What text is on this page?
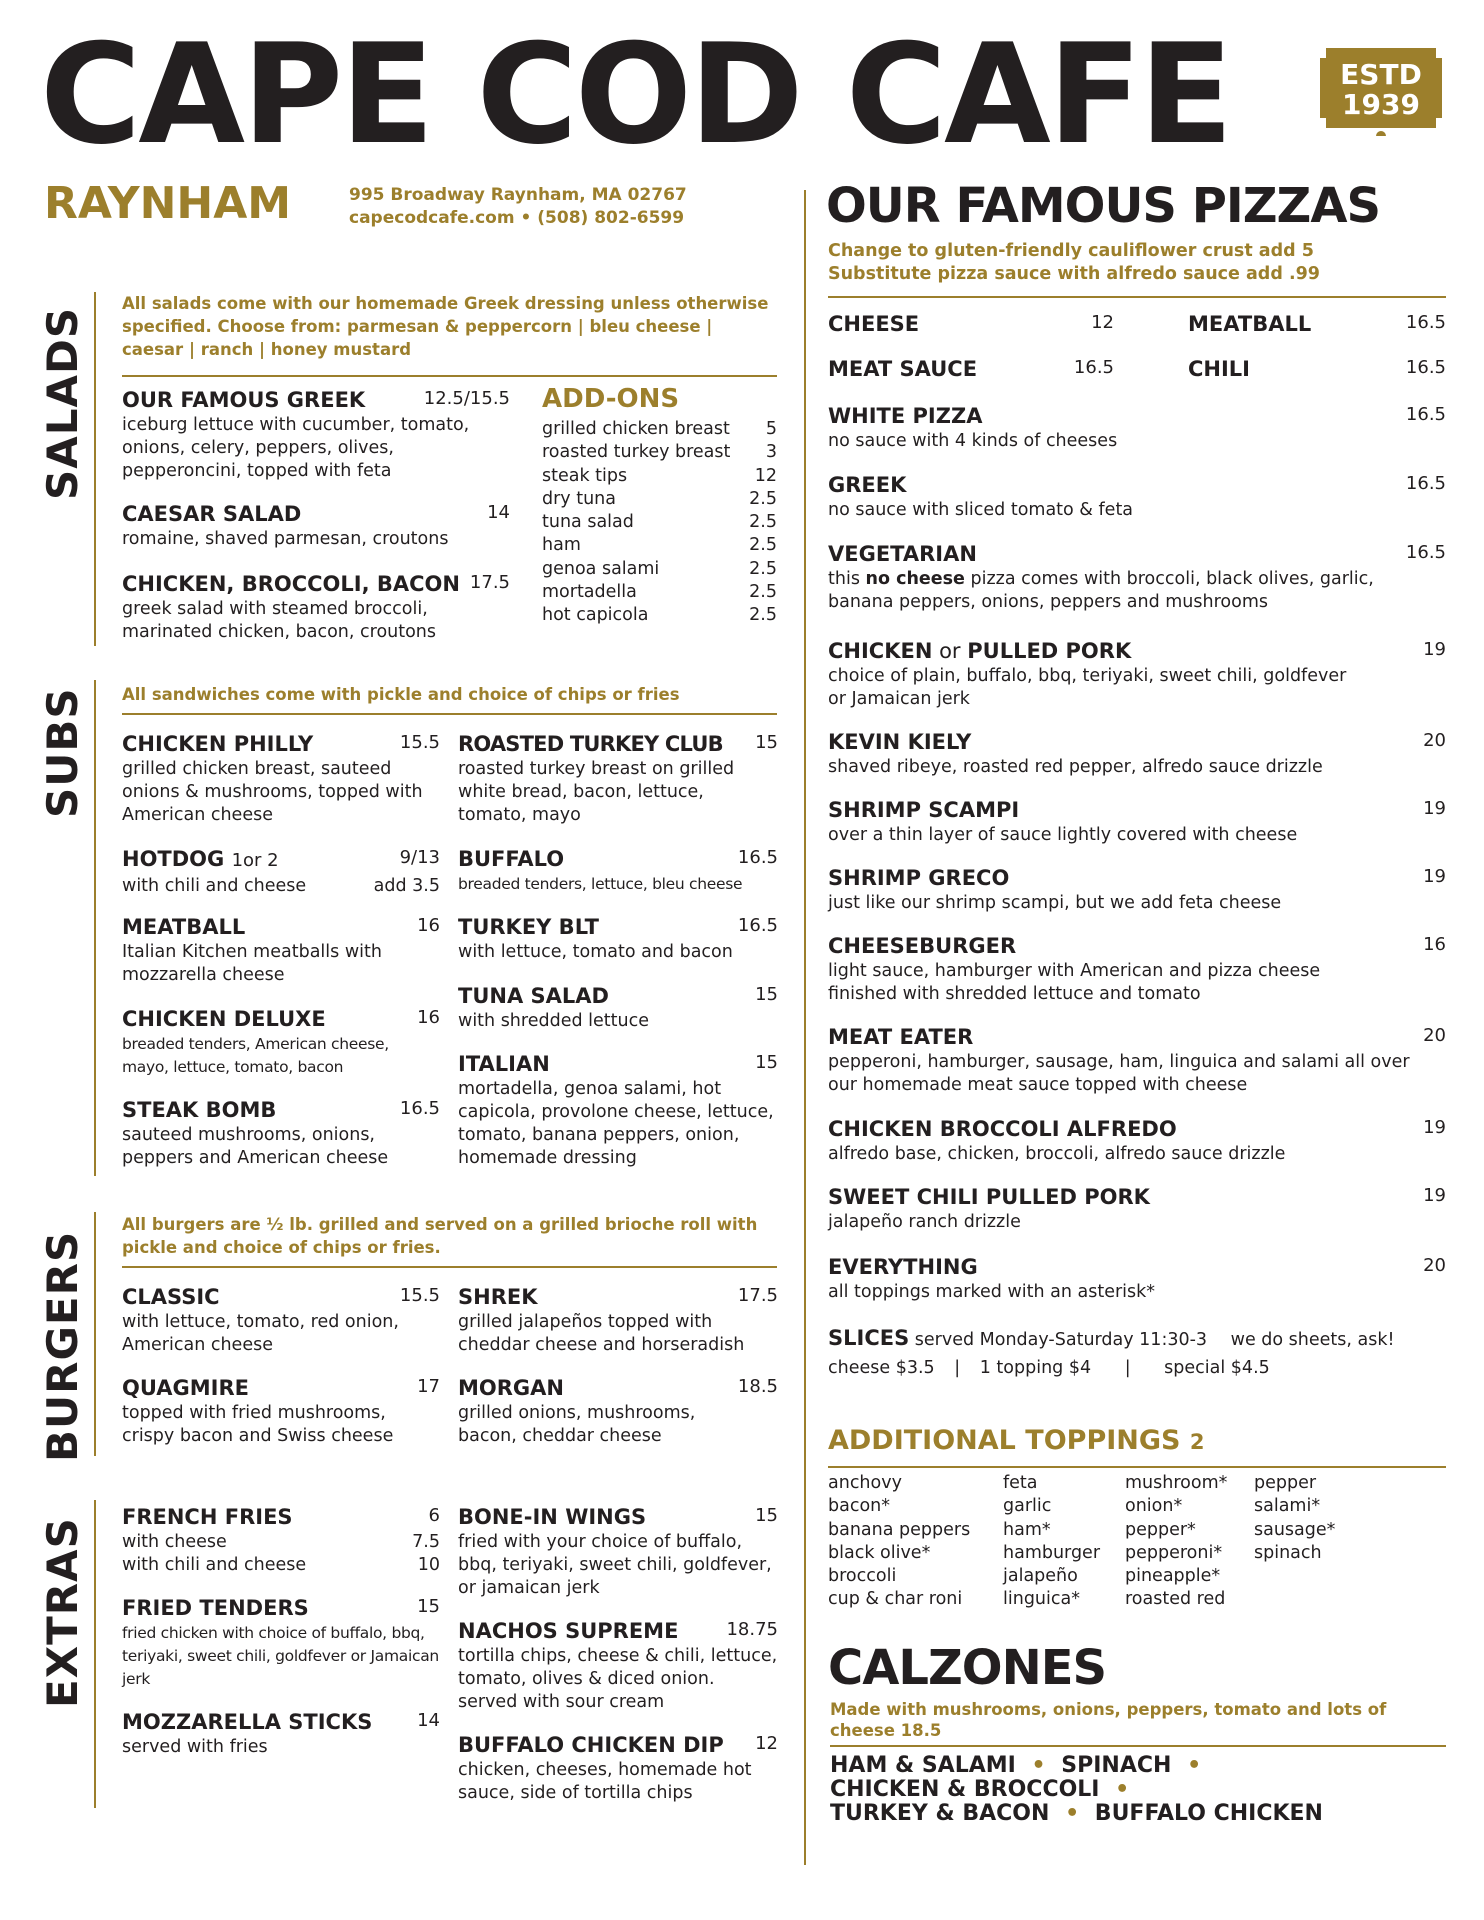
CAPE COD CAFE	ESTD
1939
RAYNHAM	995 Broadway Raynham, MA 02767
capecodcafe.com • (508) 802-6599
SALADS
All salads come with our homemade Greek dressing unless otherwise specified. Choose from: parmesan & peppercorn | bleu cheese | caesar | ranch | honey mustard
OUR FAMOUS GREEK	12.5/15.5
iceburg lettuce with cucumber, tomato, onions, celery, peppers, olives, pepperoncini, topped with feta
CAESAR SALAD	14
romaine, shaved parmesan, croutons
CHICKEN, BROCCOLI, BACON 17.5
greek salad with steamed broccoli, marinated chicken, bacon, croutons
ADD-ONS
grilled chicken breast 5
roasted turkey breast 3
steak tips	12
dry tuna	2.5
tuna salad	2.5
ham	2.5
genoa salami	2.5
mortadella	2.5
hot capicola	2.5
SUBS All sandwiches come with pickle and choice of chips or fries
CHICKEN PHILLY	15.5
grilled chicken breast, sauteed onions & mushrooms, topped with American cheese
HOTDOG 1or 2	9/13
with chili and cheese	add 3.5
MEATBALL	16
Italian Kitchen meatballs with mozzarella cheese
CHICKEN DELUXE	16
breaded tenders, American cheese, mayo, lettuce, tomato, bacon
STEAK BOMB	16.5
sauteed mushrooms, onions, peppers and American cheese
ROASTED TURKEY CLUB	15
roasted turkey breast on grilled white bread, bacon, lettuce, tomato, mayo
BUFFALO	16.5
breaded tenders, lettuce, bleu cheese
TURKEY BLT	16.5
with lettuce, tomato and bacon
TUNA SALAD	15
with shredded lettuce
ITALIAN	15
mortadella, genoa salami, hot capicola, provolone cheese, lettuce, tomato, banana peppers, onion, homemade dressing
BURGERS
All burgers are ½ lb. grilled and served on a grilled brioche roll with pickle and choice of chips or fries.
CLASSIC	15.5
with lettuce, tomato, red onion, American cheese
QUAGMIRE	17
topped with fried mushrooms, crispy bacon and Swiss cheese
SHREK	17.5
grilled jalapeños topped with cheddar cheese and horseradish
MORGAN	18.5
grilled onions, mushrooms, bacon, cheddar cheese
EXTRAS
FRENCH FRIES	6
with cheese	7.5
with chili and cheese	10
FRIED TENDERS	15
fried chicken with choice of buffalo, bbq, teriyaki, sweet chili, goldfever or Jamaican jerk
MOZZARELLA STICKS	14
served with fries
BONE-IN WINGS	15
fried with your choice of buffalo, bbq, teriyaki, sweet chili, goldfever, or jamaican jerk
NACHOS SUPREME	18.75
tortilla chips, cheese & chili, lettuce, tomato, olives & diced onion. served with sour cream
BUFFALO CHICKEN DIP	12
chicken, cheeses, homemade hot sauce, side of tortilla chips
OUR FAMOUS PIZZAS
Change to gluten-friendly cauliflower crust add 5
Substitute pizza sauce with alfredo sauce add .99
CHEESE	12
MEAT SAUCE	16.5
MEATBALL	16.5
CHILI	16.5
WHITE PIZZA	16.5
no sauce with 4 kinds of cheeses
GREEK	16.5
no sauce with sliced tomato & feta
VEGETARIAN	16.5
this no cheese pizza comes with broccoli, black olives, garlic, banana peppers, onions, peppers and mushrooms
CHICKEN or PULLED PORK	19
choice of plain, buffalo, bbq, teriyaki, sweet chili, goldfever or Jamaican jerk
KEVIN KIELY	20
shaved ribeye, roasted red pepper, alfredo sauce drizzle
SHRIMP SCAMPI	19
over a thin layer of sauce lightly covered with cheese
SHRIMP GRECO	19
just like our shrimp scampi, but we add feta cheese
CHEESEBURGER	16
light sauce, hamburger with American and pizza cheese finished with shredded lettuce and tomato
MEAT EATER	20
pepperoni, hamburger, sausage, ham, linguica and salami all over our homemade meat sauce topped with cheese
CHICKEN BROCCOLI ALFREDO	19
alfredo base, chicken, broccoli, alfredo sauce drizzle
SWEET CHILI PULLED PORK	19
jalapeño ranch drizzle
EVERYTHING	20
all toppings marked with an asterisk*
SLICES served Monday-Saturday 11:30-3 we do sheets, ask!
cheese $3.5 | 1 topping $4 | special $4.5
ADDITIONAL TOPPINGS 2
anchovy
bacon*
banana peppers
black olive*
broccoli
cup & char roni
feta
garlic
ham*
hamburger
jalapeño
linguica*
mushroom*
onion*
pepper*
pepperoni*
pineapple*
roasted red
pepper
salami*
sausage*
spinach
CALZONES
Made with mushrooms, onions, peppers, tomato and lots of cheese 18.5
HAM & SALAMI • SPINACH •
CHICKEN & BROCCOLI •
TURKEY & BACON • BUFFALO CHICKEN
